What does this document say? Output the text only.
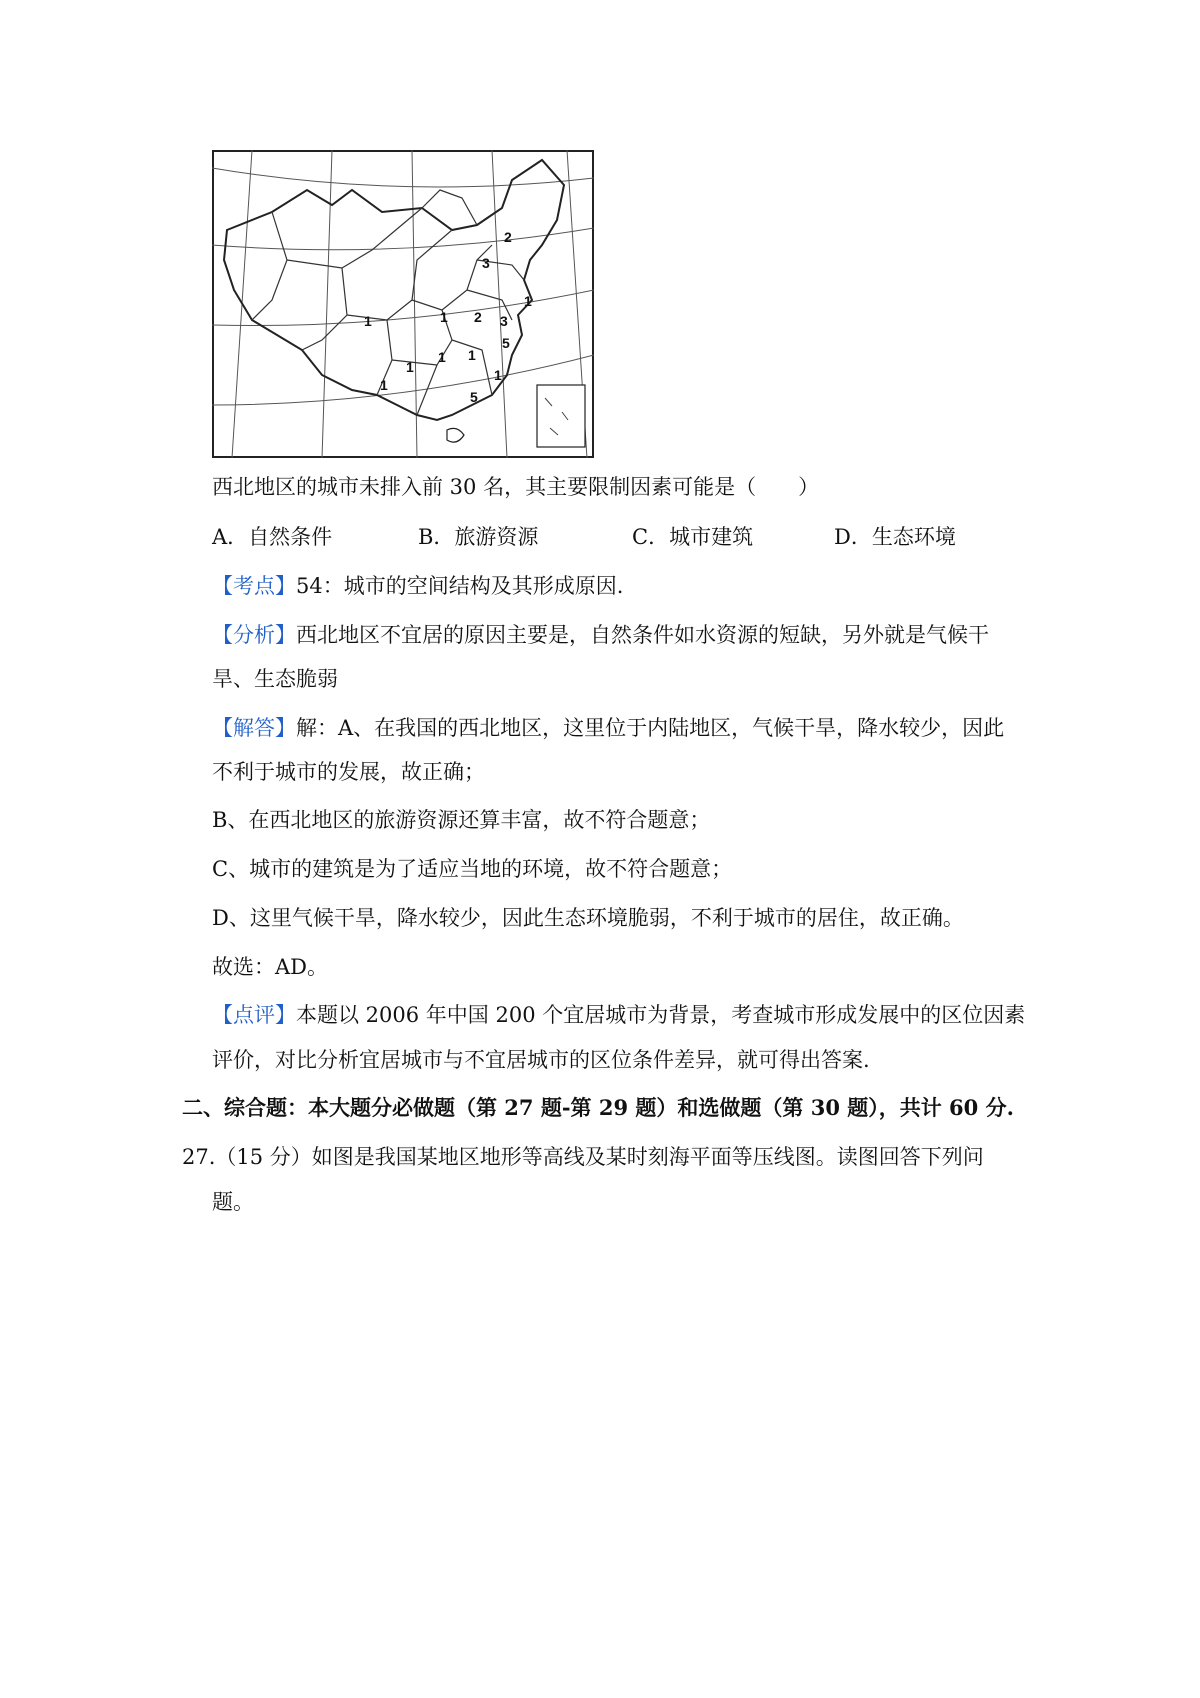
2
3
1
1	2 3
1
5
1
1
1
1	1
5
西北地区的城市未排入前 30 名，其主要限制因素可能是（　　）
A．自然条件	B．旅游资源	C．城市建筑	D．生态环境
【考点】54：城市的空间结构及其形成原因.
【分析】西北地区不宜居的原因主要是，自然条件如水资源的短缺，另外就是气候干
旱、生态脆弱
【解答】解：A、在我国的西北地区，这里位于内陆地区，气候干旱，降水较少，因此
不利于城市的发展，故正确；
B、在西北地区的旅游资源还算丰富，故不符合题意；
C、城市的建筑是为了适应当地的环境，故不符合题意；
D、这里气候干旱，降水较少，因此生态环境脆弱，不利于城市的居住，故正确。
故选：AD。
【点评】本题以 2006 年中国 200 个宜居城市为背景，考查城市形成发展中的区位因素
评价，对比分析宜居城市与不宜居城市的区位条件差异，就可得出答案.
二、综合题：本大题分必做题（第 27 题-第 29 题）和选做题（第 30 题），共计 60 分.
27.（15 分）如图是我国某地区地形等高线及某时刻海平面等压线图。读图回答下列问
题。
